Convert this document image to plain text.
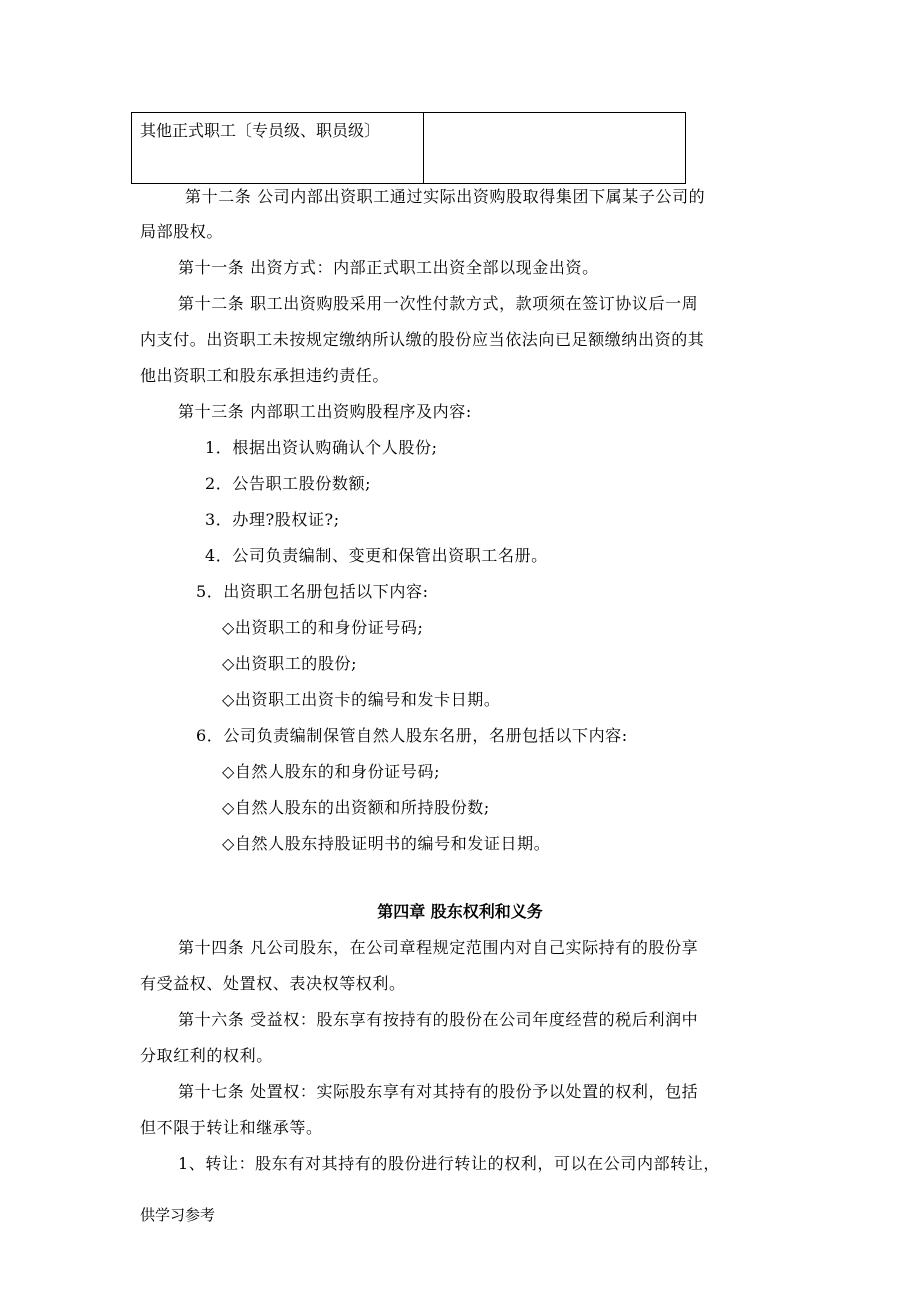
其他正式职工〔专员级、职员级〕
第十二条 公司内部出资职工通过实际出资购股取得集团下属某子公司的
局部股权。
第十一条 出资方式：内部正式职工出资全部以现金出资。
第十二条 职工出资购股采用一次性付款方式，款项须在签订协议后一周
内支付。出资职工未按规定缴纳所认缴的股份应当依法向已足额缴纳出资的其
他出资职工和股东承担违约责任。
第十三条 内部职工出资购股程序及内容:
1．根据出资认购确认个人股份;
2．公告职工股份数额;
3．办理?股权证?;
4．公司负责编制、变更和保管出资职工名册。
5．出资职工名册包括以下内容:
◇出资职工的和身份证号码;
◇出资职工的股份;
◇出资职工出资卡的编号和发卡日期。
6．公司负责编制保管自然人股东名册，名册包括以下内容:
◇自然人股东的和身份证号码;
◇自然人股东的出资额和所持股份数;
◇自然人股东持股证明书的编号和发证日期。
第四章 股东权利和义务
第十四条 凡公司股东，在公司章程规定范围内对自己实际持有的股份享
有受益权、处置权、表决权等权利。
第十六条 受益权：股东享有按持有的股份在公司年度经营的税后利润中
分取红利的权利。
第十七条 处置权：实际股东享有对其持有的股份予以处置的权利，包括
但不限于转让和继承等。
1、转让：股东有对其持有的股份进行转让的权利，可以在公司内部转让，
供学习参考
